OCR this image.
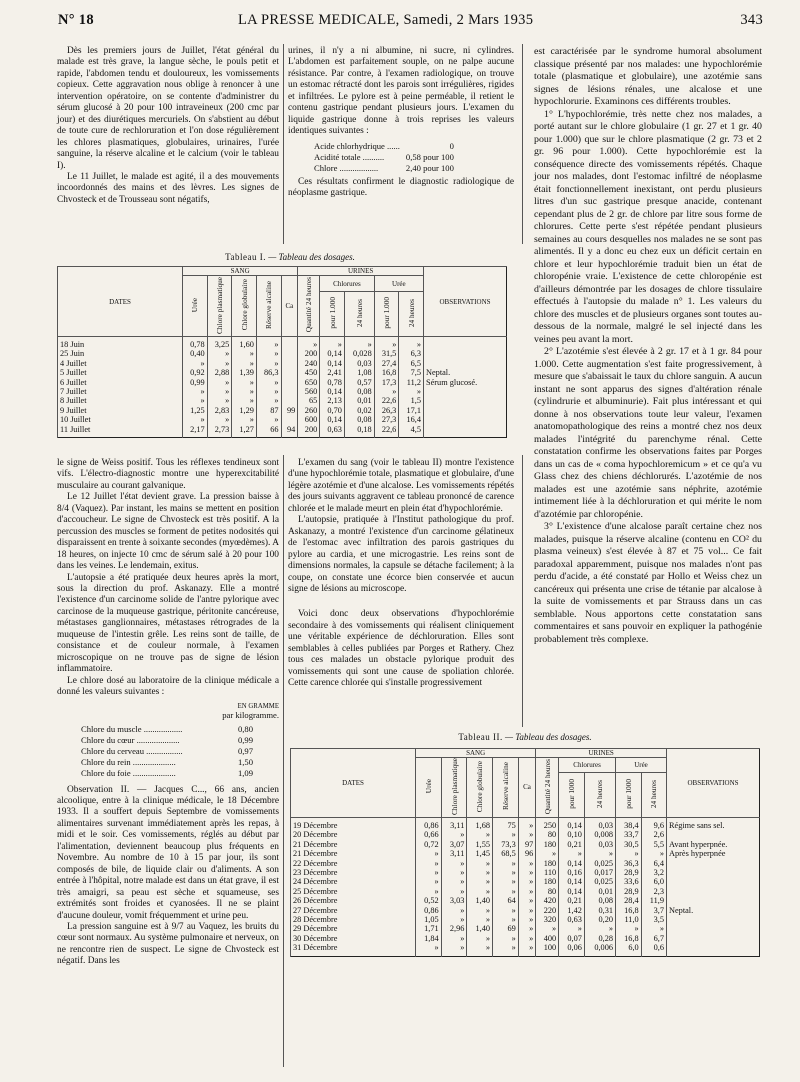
N° 18	LA PRESSE MEDICALE, Samedi, 2 Mars 1935	343

Dès les premiers jours de Juillet, l'état général du malade est très grave, la langue sèche, le pouls petit et rapide, l'abdomen tendu et douloureux, les vomissements copieux. Cette aggravation nous oblige à renoncer à une intervention opératoire, on se contente d'administrer du sérum glucosé à 20 pour 100 intraveineux (200 cmc par jour) et des diurétiques mercuriels. On s'abstient au début de toute cure de rechloruration et l'on dose régulièrement les chlores plasmatiques, globulaires, urinaires, l'urée sanguine, la réserve alcaline et le calcium (voir le tableau I).

Le 11 Juillet, le malade est agité, il a des mouvements incoordonnés des mains et des lèvres. Les signes de Chvosteck et de Trousseau sont négatifs,

urines, il n'y a ni albumine, ni sucre, ni cylindres. L'abdomen est parfaitement souple, on ne palpe aucune résistance. Par contre, à l'examen radiologique, on trouve un estomac rétracté dont les parois sont irrégulières, rigides et infiltrées. Le pylore est à peine perméable, il retient le contenu gastrique pendant plusieurs jours. L'examen du liquide gastrique donne à trois reprises les valeurs identiques suivantes :

Acide chlorhydrique ......	0
Acidité totale ..........	0,58 pour 100
Chlore ..................	2,40 pour 100

Ces résultats confirment le diagnostic radiologique de néoplasme gastrique.

est caractérisée par le syndrome humoral absolument classique présenté par nos malades: une hypochlorémie totale (plasmatique et globulaire), une azotémie sans signes de lésions rénales, une alcalose et une hypochlorurie. Examinons ces différents troubles.

1° L'hypochlorémie, très nette chez nos malades, a porté autant sur le chlore globulaire (1 gr. 27 et 1 gr. 40 pour 1.000) que sur le chlore plasmatique (2 gr. 73 et 2 gr. 96 pour 1.000). Cette hypochlorémie est la conséquence directe des vomissements répétés. Chaque jour nos malades, dont l'estomac infiltré de néoplasme était fonctionnellement inexistant, ont perdu plusieurs litres d'un suc gastrique presque anacide, contenant cependant plus de 2 gr. de chlore par litre sous forme de chlorures. Cette perte s'est répétée pendant plusieurs semaines au cours desquelles nos malades ne se sont pas alimentés. Il y a donc eu chez eux un déficit certain en chlore et leur hypochlorémie traduit bien un état de chloropénie vraie. L'existence de cette chloropénie est d'ailleurs démontrée par les dosages de chlore tissulaire effectués à l'autopsie du malade n° 1. Les valeurs du chlore des muscles et de plusieurs organes sont toutes au-dessous de la normale, malgré le sel injecté dans les veines peu avant la mort.

2° L'azotémie s'est élevée à 2 gr. 17 et à 1 gr. 84 pour 1.000. Cette augmentation s'est faite progressivement, à mesure que s'abaissait le taux du chlore sanguin. A aucun instant ne sont apparus des signes d'altération rénale (cylindrurie et albuminurie). Fait plus intéressant et qui donne à nos observations toute leur valeur, l'examen anatomopathologique des reins a montré chez nos deux malades l'intégrité du parenchyme rénal. Cette constatation confirme les observations faites par Porges dans un cas de « coma hypochloremicum » et ce qu'a vu Glass chez des chiens déchlorurés. L'azotémie de nos malades est une azotémie sans néphrite, azotémie intimement liée à la déchloruration et qui mérite le nom d'azotémie par chloropénie.

3° L'existence d'une alcalose paraît certaine chez nos malades, puisque la réserve alcaline (contenu en CO² du plasma veineux) s'est élevée à 87 et 75 vol... Ce fait paradoxal apparemment, puisque nos malades n'ont pas perdu d'acide, a été constaté par Hollo et Weiss chez un cancéreux qui présenta une crise de tétanie par alcalose à la suite de vomissements et par Strauss dans un cas semblable. Nous apportons cette constatation sans commentaires et sans pouvoir en expliquer la pathogénie probablement très complexe.

Tableau I. — Tableau des dosages.
DATES	SANG					URINES					OBSERVATIONS
	Urée	Chlore plasmatique	Chlore globulaire	Réserve alcaline	Ca	Quantité 24 heures	Chlorures		Urée		
							pour 1.000	24 heures	pour 1.000	24 heures	
18 Juin	0,78	3,25	1,60	»		»	»	»	»	»	
25 Juin	0,40	»	»	»		200	0,14	0,028	31,5	6,3	
4 Juillet	»	»	»	»		240	0,14	0,03	27,4	6,5	
5 Juillet	0,92	2,88	1,39	86,3		450	2,41	1,08	16,8	7,5	Neptal.
6 Juillet	0,99	»	»	»		650	0,78	0,57	17,3	11,2	Sérum glucosé.
7 Juillet	»	»	»	»		560	0,14	0,08	»	»	
8 Juillet	»	»	»	»		65	2,13	0,01	22,6	1,5	
9 Juillet	1,25	2,83	1,29	87	99	260	0,70	0,02	26,3	17,1	
10 Juillet	»	»	»	»		600	0,14	0,08	27,3	16,4	
11 Juillet	2,17	2,73	1,27	66	94	200	0,63	0,18	22,6	4,5	

le signe de Weiss positif. Tous les réflexes tendineux sont vifs. L'électro-diagnostic montre une hyperexcitabilité musculaire au courant galvanique.

Le 12 Juillet l'état devient grave. La pression baisse à 8/4 (Vaquez). Par instant, les mains se mettent en position d'accoucheur. Le signe de Chvosteck est très positif. A la percussion des muscles se forment de petites nodosités qui disparaissent en trente à soixante secondes (myœdèmes). A 18 heures, on injecte 10 cmc de sérum salé à 20 pour 100 dans les veines. Le lendemain, exitus.

L'autopsie a été pratiquée deux heures après la mort, sous la direction du prof. Askanazy. Elle a montré l'existence d'un carcinome solide de l'antre pylorique avec carcinose de la muqueuse gastrique, péritonite cancéreuse, métastases ganglionnaires, métastases rétrogrades de la muqueuse de l'intestin grêle. Les reins sont de taille, de consistance et de couleur normale, à l'examen microscopique on ne trouve pas de signe de lésion inflammatoire.

Le chlore dosé au laboratoire de la clinique médicale a donné les valeurs suivantes :

EN GRAMME
par kilogramme.
Chlore du muscle ..................	0,80
Chlore du cœur ....................	0,99
Chlore du cerveau .................	0,97
Chlore du rein ....................	1,50
Chlore du foie ....................	1,09

Observation II. — Jacques C..., 66 ans, ancien alcoolique, entre à la clinique médicale, le 18 Décembre 1933. Il a souffert depuis Septembre de vomissements alimentaires survenant immédiatement après les repas, à midi et le soir. Ces vomissements, réglés au début par l'alimentation, deviennent beaucoup plus fréquents en Novembre. Au nombre de 10 à 15 par jour, ils sont composés de bile, de liquide clair ou d'aliments. A son entrée à l'hôpital, notre malade est dans un état grave, il est très amaigri, sa peau est sèche et squameuse, ses extrémités sont froides et cyanosées. Il ne se plaint d'aucune douleur, vomit fréquemment et urine peu.

La pression sanguine est à 9/7 au Vaquez, les bruits du cœur sont normaux. Au système pulmonaire et nerveux, on ne rencontre rien de suspect. Le signe de Chvosteck est négatif. Dans les

L'examen du sang (voir le tableau II) montre l'existence d'une hypochlorémie totale, plasmatique et globulaire, d'une légère azotémie et d'une alcalose. Les vomissements répétés des jours suivants aggravent ce tableau prononcé de carence chlorée et le malade meurt en plein état d'hypochlorémie.

L'autopsie, pratiquée à l'Institut pathologique du prof. Askanazy, a montré l'existence d'un carcinome gélatineux de l'estomac avec infiltration des parois gastriques du pylore au cardia, et une microgastrie. Les reins sont de dimensions normales, la capsule se détache facilement; à la coupe, on constate une écorce bien conservée et aucun signe de lésions au microscope.

Voici donc deux observations d'hypochlorémie secondaire à des vomissements qui réalisent cliniquement une véritable expérience de déchloruration. Elles sont semblables à celles publiées par Porges et Rathery. Chez tous ces malades un obstacle pylorique produit des vomissements qui sont une cause de spoliation chlorée. Cette carence chlorée qui s'installe progressivement

Tableau II. — Tableau des dosages.
DATES	SANG					URINES					OBSERVATIONS
	Urée	Chlore plasmatique	Chlore globulaire	Réserve alcaline	Ca	Quantité 24 heures	Chlorures		Urée		
							pour 1000	24 heures	pour 1000	24 heures	
19 Décembre	0,86	3,11	1,68	75	»	250	0,14	0,03	38,4	9,6	Régime sans sel.
20 Décembre	0,66	»	»	»	»	80	0,10	0,008	33,7	2,6	
21 Décembre	0,72	3,07	1,55	73,3	97	180	0,21	0,03	30,5	5,5	Avant hyperpnée.
21 Décembre	»	3,11	1,45	68,5	96	»	»	»	»	»	Après hyperpnée
22 Décembre	»	»	»	»	»	180	0,14	0,025	36,3	6,4	
23 Décembre	»	»	»	»	»	110	0,16	0,017	28,9	3,2	
24 Décembre	»	»	»	»	»	180	0,14	0,025	33,6	6,0	
25 Décembre	»	»	»	»	»	80	0,14	0,01	28,9	2,3	
26 Décembre	0,52	3,03	1,40	64	»	420	0,21	0,08	28,4	11,9	
27 Décembre	0,86	»	»	»	»	220	1,42	0,31	16,8	3,7	Neptal.
28 Décembre	1,05	»	»	»	»	320	0,63	0,20	11,0	3,5	
29 Décembre	1,71	2,96	1,40	69	»	»	»	»	»	»	
30 Décembre	1,84	»	»	»	»	400	0,07	0,28	16,8	6,7	
31 Décembre	»	»	»	»	»	100	0,06	0,006	6,0	0,6	
